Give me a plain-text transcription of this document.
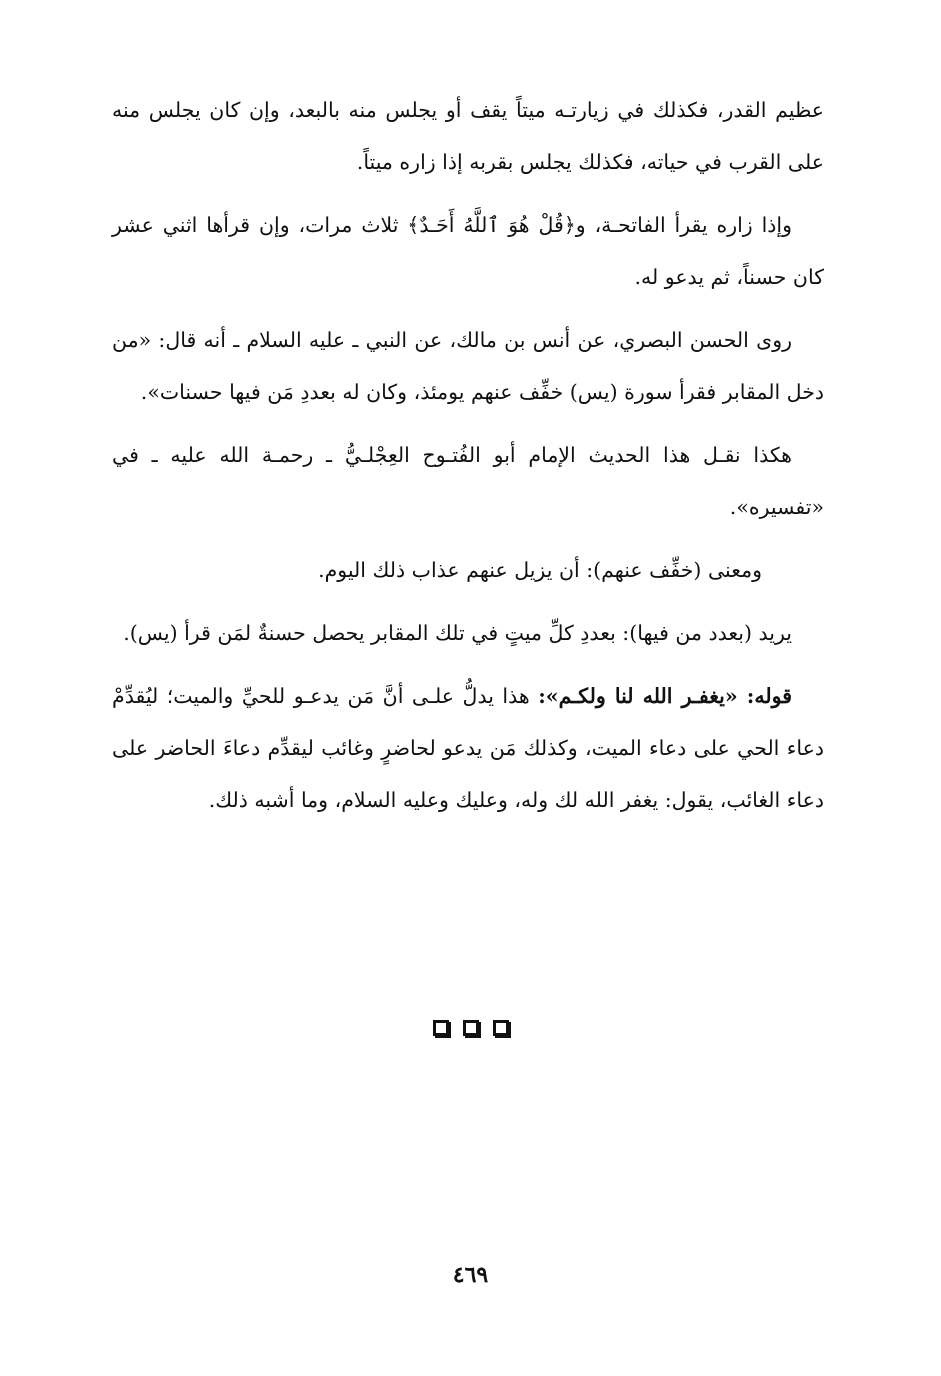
عظيم القدر، فكذلك في زيارتـه ميتاً يقف أو يجلس منه بالبعد، وإن كان يجلس منه على القرب في حياته، فكذلك يجلس بقربه إذا زاره ميتاً.

وإذا زاره يقرأ الفاتحـة، و﴿قُلْ هُوَ ٱللَّهُ أَحَـدٌ﴾ ثلاث مرات، وإن قرأها اثني عشر كان حسناً، ثم يدعو له.

روى الحسن البصري، عن أنس بن مالك، عن النبي ـ عليه السلام ـ أنه قال: «من دخل المقابر فقرأ سورة (يس) خفِّف عنهم يومئذ، وكان له بعددِ مَن فيها حسنات».

هكذا نقـل هذا الحديث الإمام أبو الفُتـوح العِجْلـيُّ ـ رحمـة الله عليه ـ في «تفسيره».

ومعنى (خفِّف عنهم): أن يزيل عنهم عذاب ذلك اليوم.

يريد (بعدد من فيها): بعددِ كلِّ ميتٍ في تلك المقابر يحصل حسنةٌ لمَن قرأ (يس).

قوله: «يغفـر الله لنا ولكـم»: هذا يدلُّ علـى أنَّ مَن يدعـو للحيِّ والميت؛ ليُقدِّمْ دعاء الحي على دعاء الميت، وكذلك مَن يدعو لحاضرٍ وغائب ليقدِّم دعاءَ الحاضر على دعاء الغائب، يقول: يغفر الله لك وله، وعليك وعليه السلام، وما أشبه ذلك.

٤٦٩
